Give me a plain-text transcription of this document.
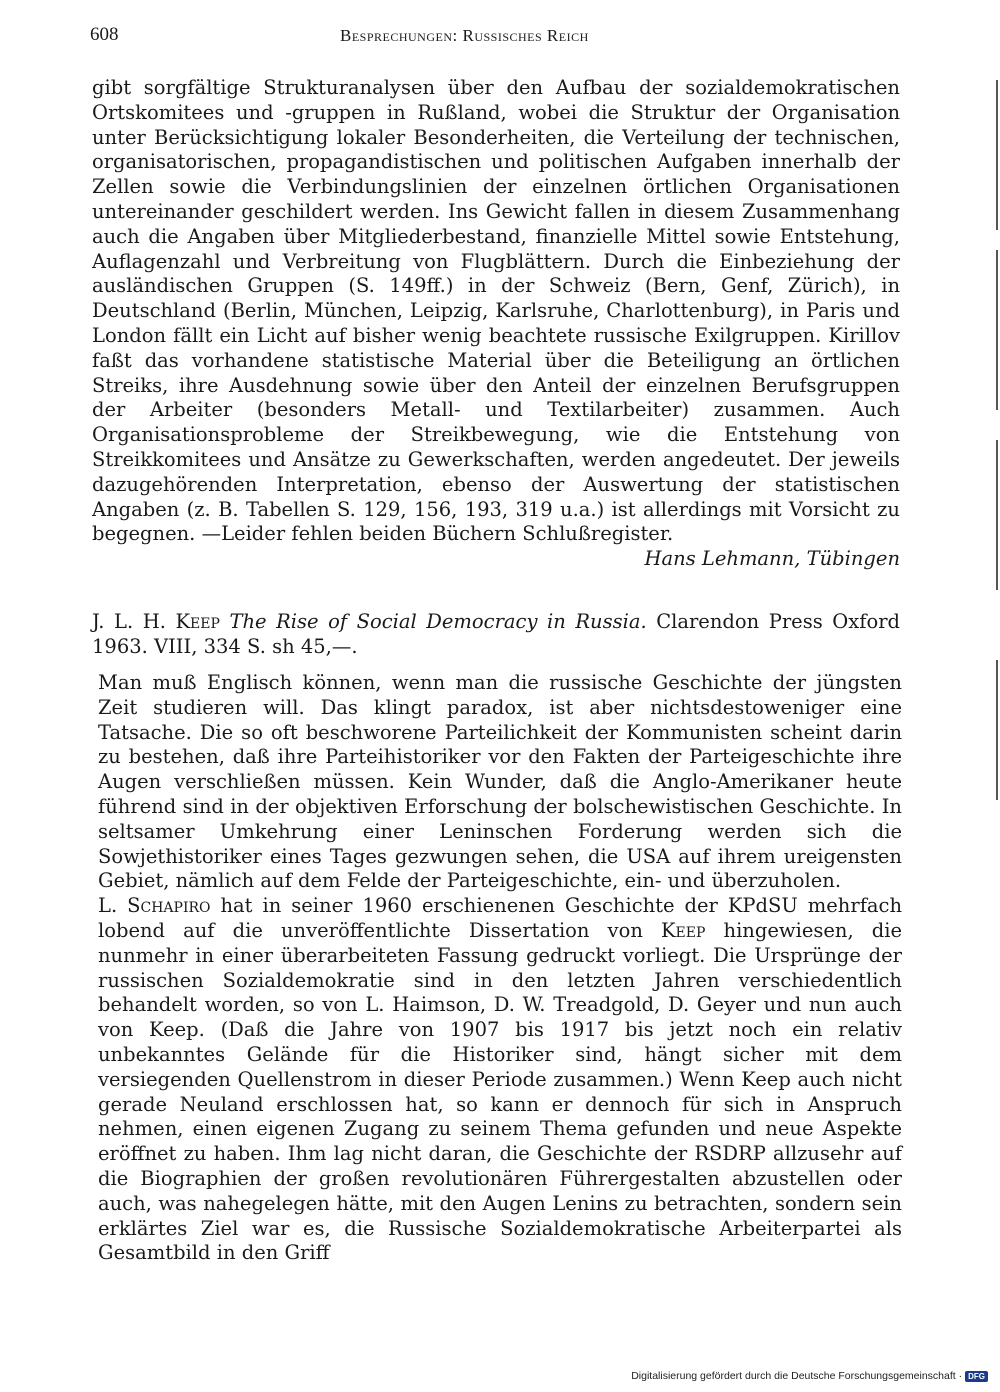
608	Besprechungen: Russisches Reich

gibt sorgfältige Strukturanalysen über den Aufbau der sozialdemokratischen Ortskomitees und -gruppen in Rußland, wobei die Struktur der Organisation unter Berücksichtigung lokaler Besonderheiten, die Verteilung der technischen, organisatorischen, propagandistischen und politischen Aufgaben innerhalb der Zellen sowie die Verbindungslinien der einzelnen örtlichen Organisationen untereinander geschildert werden. Ins Gewicht fallen in diesem Zusammenhang auch die Angaben über Mitgliederbestand, finanzielle Mittel sowie Entstehung, Auflagenzahl und Verbreitung von Flugblättern. Durch die Einbeziehung der ausländischen Gruppen (S. 149ff.) in der Schweiz (Bern, Genf, Zürich), in Deutschland (Berlin, München, Leipzig, Karlsruhe, Charlottenburg), in Paris und London fällt ein Licht auf bisher wenig beachtete russische Exilgruppen. Kirillov faßt das vorhandene statistische Material über die Beteiligung an örtlichen Streiks, ihre Ausdehnung sowie über den Anteil der einzelnen Berufsgruppen der Arbeiter (besonders Metall- und Textilarbeiter) zusammen. Auch Organisationsprobleme der Streikbewegung, wie die Entstehung von Streikkomitees und Ansätze zu Gewerkschaften, werden angedeutet. Der jeweils dazugehörenden Interpretation, ebenso der Auswertung der statistischen Angaben (z. B. Tabellen S. 129, 156, 193, 319 u.a.) ist allerdings mit Vorsicht zu begegnen. —Leider fehlen beiden Büchern Schlußregister.

Hans Lehmann, Tübingen

J. L. H. Keep The Rise of Social Democracy in Russia. Clarendon Press Oxford 1963. VIII, 334 S. sh 45,—.

Man muß Englisch können, wenn man die russische Geschichte der jüngsten Zeit studieren will. Das klingt paradox, ist aber nichtsdestoweniger eine Tatsache. Die so oft beschworene Parteilichkeit der Kommunisten scheint darin zu bestehen, daß ihre Parteihistoriker vor den Fakten der Parteigeschichte ihre Augen verschließen müssen. Kein Wunder, daß die Anglo-Amerikaner heute führend sind in der objektiven Erforschung der bolschewistischen Geschichte. In seltsamer Umkehrung einer Leninschen Forderung werden sich die Sowjethistoriker eines Tages gezwungen sehen, die USA auf ihrem ureigensten Gebiet, nämlich auf dem Felde der Parteigeschichte, ein- und überzuholen.

L. Schapiro hat in seiner 1960 erschienenen Geschichte der KPdSU mehrfach lobend auf die unveröffentlichte Dissertation von Keep hingewiesen, die nunmehr in einer überarbeiteten Fassung gedruckt vorliegt. Die Ursprünge der russischen Sozialdemokratie sind in den letzten Jahren verschiedentlich behandelt worden, so von L. Haimson, D. W. Treadgold, D. Geyer und nun auch von Keep. (Daß die Jahre von 1907 bis 1917 bis jetzt noch ein relativ unbekanntes Gelände für die Historiker sind, hängt sicher mit dem versiegenden Quellenstrom in dieser Periode zusammen.) Wenn Keep auch nicht gerade Neuland erschlossen hat, so kann er dennoch für sich in Anspruch nehmen, einen eigenen Zugang zu seinem Thema gefunden und neue Aspekte eröffnet zu haben. Ihm lag nicht daran, die Geschichte der RSDRP allzusehr auf die Biographien der großen revolutionären Führergestalten abzustellen oder auch, was nahegelegen hätte, mit den Augen Lenins zu betrachten, sondern sein erklärtes Ziel war es, die Russische Sozialdemokratische Arbeiterpartei als Gesamtbild in den Griff

Digitalisierung gefördert durch die Deutsche Forschungsgemeinschaft · DFG
